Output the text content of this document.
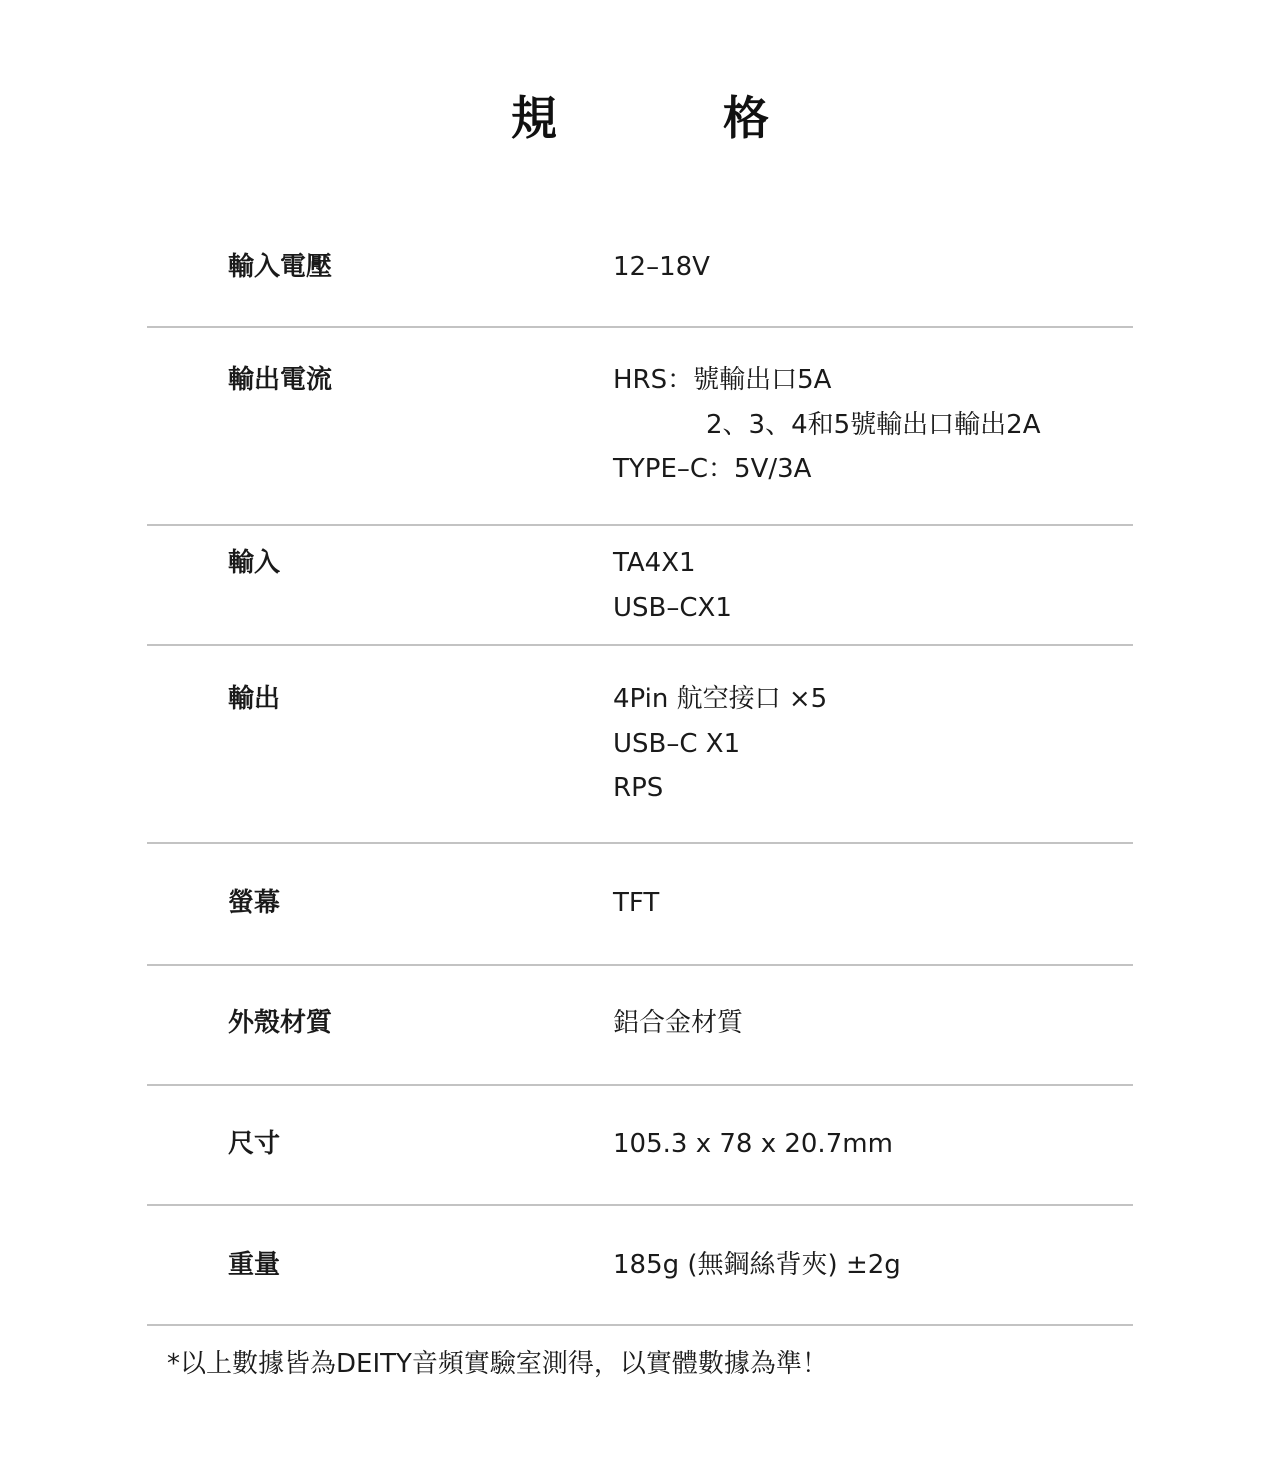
規　格
輸入電壓	12–18V
輸出電流	HRS：號輸出口5A
2、3、4和5號輸出口輸出2A
TYPE–C：5V/3A
輸入	TA4X1
USB–CX1
輸出	4Pin 航空接口 ×5
USB–C X1
RPS
螢幕	TFT
外殼材質	鋁合金材質
尺寸	105.3 x 78 x 20.7mm
重量	185g (無鋼絲背夾) ±2g
*以上數據皆為DEITY音頻實驗室測得，以實體數據為準！
